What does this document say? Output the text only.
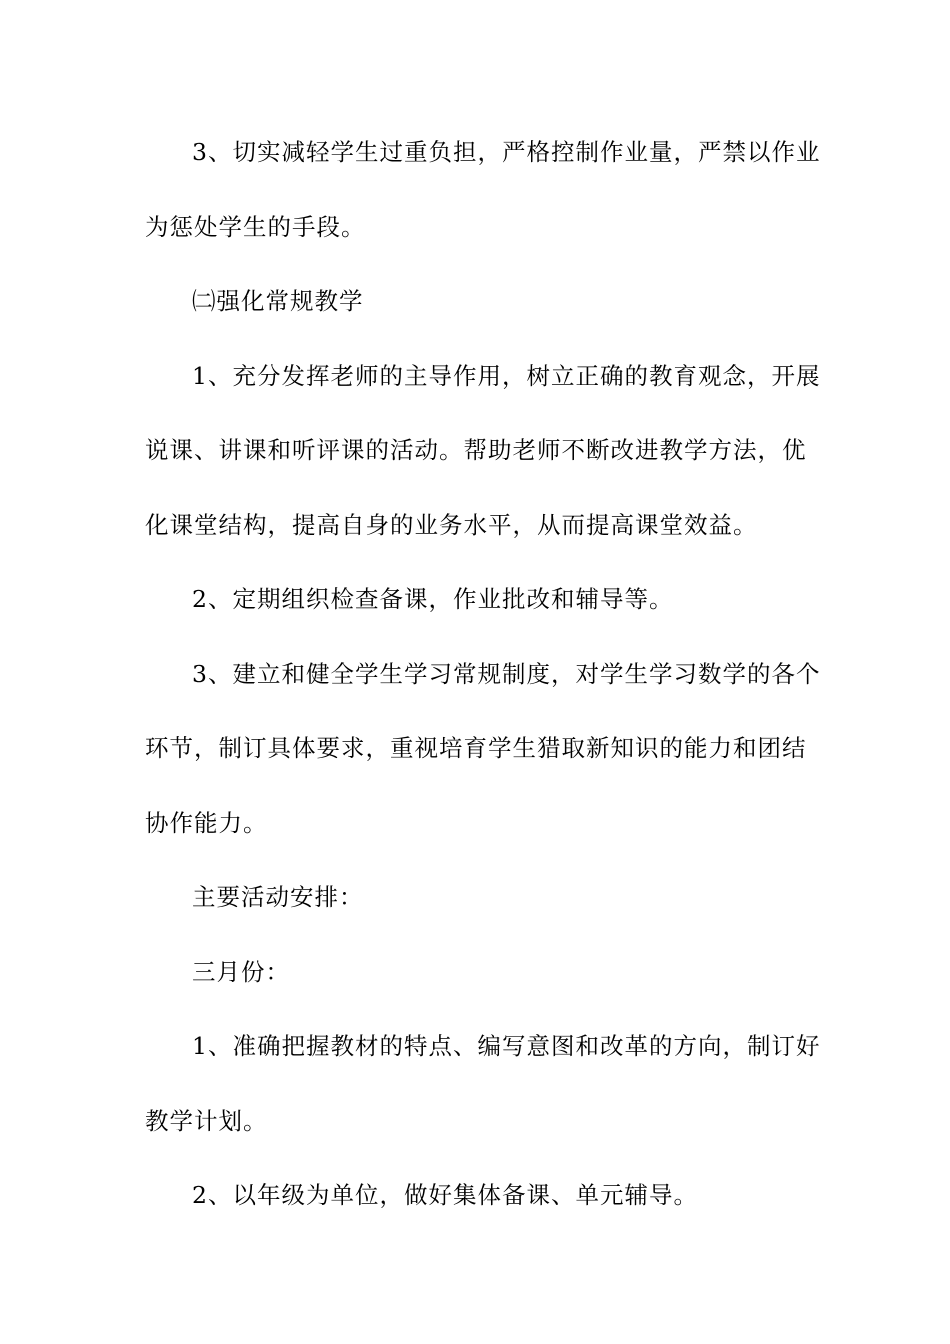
3、切实减轻学生过重负担，严格控制作业量，严禁以作业
为惩处学生的手段。
㈡强化常规教学
1、充分发挥老师的主导作用，树立正确的教育观念，开展
说课、讲课和听评课的活动。帮助老师不断改进教学方法，优
化课堂结构，提高自身的业务水平，从而提高课堂效益。
2、定期组织检查备课，作业批改和辅导等。
3、建立和健全学生学习常规制度，对学生学习数学的各个
环节，制订具体要求，重视培育学生猎取新知识的能力和团结
协作能力。
主要活动安排：
三月份：
1、准确把握教材的特点、编写意图和改革的方向，制订好
教学计划。
2、以年级为单位，做好集体备课、单元辅导。
